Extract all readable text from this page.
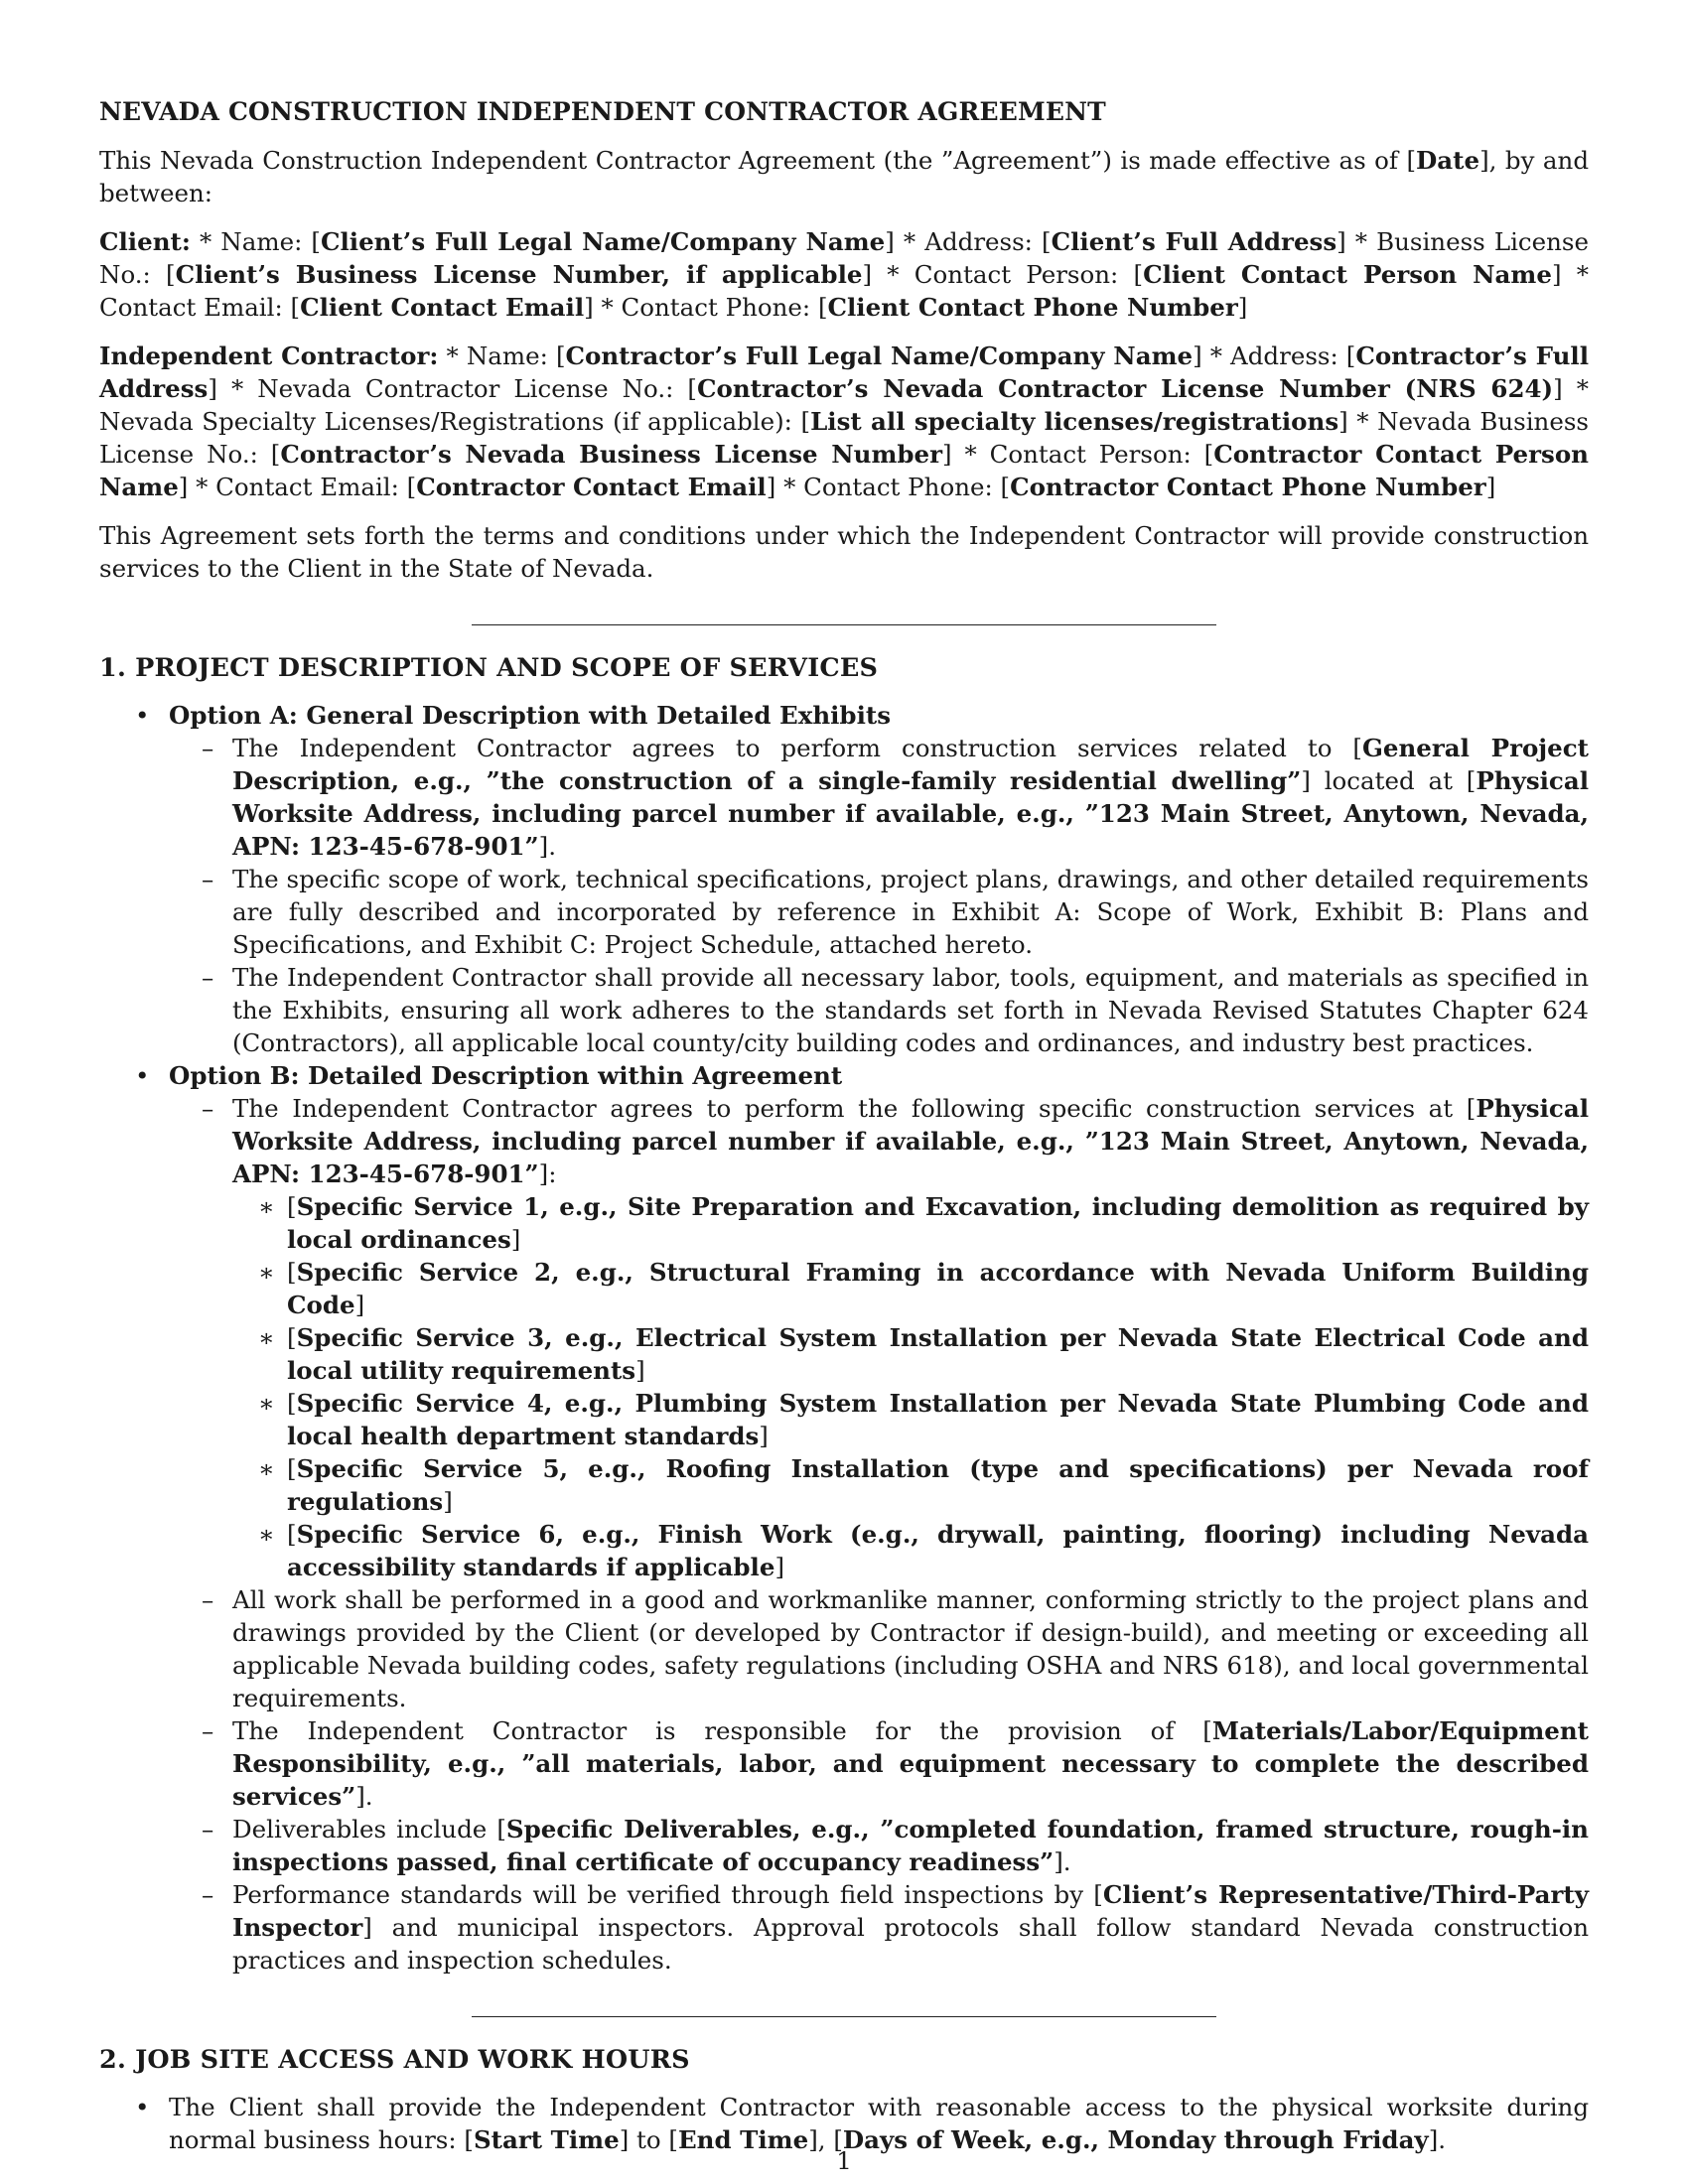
NEVADA CONSTRUCTION INDEPENDENT CONTRACTOR AGREEMENT

This Nevada Construction Independent Contractor Agreement (the ”Agreement”) is made effective as of [Date], by and between:

Client: * Name: [Client’s Full Legal Name/Company Name] * Address: [Client’s Full Address] * Business License No.: [Client’s Business License Number, if applicable] * Contact Person: [Client Contact Person Name] * Contact Email: [Client Contact Email] * Contact Phone: [Client Contact Phone Number]

Independent Contractor: * Name: [Contractor’s Full Legal Name/Company Name] * Address: [Contractor’s Full Address] * Nevada Contractor License No.: [Contractor’s Nevada Contractor License Number (NRS 624)] * Nevada Specialty Licenses/Registrations (if applicable): [List all specialty licenses/registrations] * Nevada Business License No.: [Contractor’s Nevada Business License Number] * Contact Person: [Contractor Contact Person Name] * Contact Email: [Contractor Contact Email] * Contact Phone: [Contractor Contact Phone Number]

This Agreement sets forth the terms and conditions under which the Independent Contractor will provide construction services to the Client in the State of Nevada.

1. PROJECT DESCRIPTION AND SCOPE OF SERVICES

• Option A: General Description with Detailed Exhibits
– The Independent Contractor agrees to perform construction services related to [General Project Description, e.g., ”the construction of a single-family residential dwelling”] located at [Physical Worksite Address, including parcel number if available, e.g., ”123 Main Street, Anytown, Nevada, APN: 123-45-678-901”].

– The specific scope of work, technical specifications, project plans, drawings, and other detailed requirements are fully described and incorporated by reference in Exhibit A: Scope of Work, Exhibit B: Plans and Specifications, and Exhibit C: Project Schedule, attached hereto.

– The Independent Contractor shall provide all necessary labor, tools, equipment, and materials as specified in the Exhibits, ensuring all work adheres to the standards set forth in Nevada Revised Statutes Chapter 624 (Contractors), all applicable local county/city building codes and ordinances, and industry best practices.

• Option B: Detailed Description within Agreement
– The Independent Contractor agrees to perform the following specific construction services at [Physical Worksite Address, including parcel number if available, e.g., ”123 Main Street, Anytown, Nevada, APN: 123-45-678-901”]:

∗ [Specific Service 1, e.g., Site Preparation and Excavation, including demolition as required by local ordinances]

∗ [Specific Service 2, e.g., Structural Framing in accordance with Nevada Uniform Building Code]

∗ [Specific Service 3, e.g., Electrical System Installation per Nevada State Electrical Code and local utility requirements]

∗ [Specific Service 4, e.g., Plumbing System Installation per Nevada State Plumbing Code and local health department standards]

∗ [Specific Service 5, e.g., Roofing Installation (type and specifications) per Nevada roof regulations]

∗ [Specific Service 6, e.g., Finish Work (e.g., drywall, painting, flooring) including Nevada accessibility standards if applicable]

– All work shall be performed in a good and workmanlike manner, conforming strictly to the project plans and drawings provided by the Client (or developed by Contractor if design-build), and meeting or exceeding all applicable Nevada building codes, safety regulations (including OSHA and NRS 618), and local governmental requirements.

– The Independent Contractor is responsible for the provision of [Materials/Labor/Equipment Responsibility, e.g., ”all materials, labor, and equipment necessary to complete the described services”].

– Deliverables include [Specific Deliverables, e.g., ”completed foundation, framed structure, rough-in inspections passed, final certificate of occupancy readiness”].

– Performance standards will be verified through field inspections by [Client’s Representative/Third-Party Inspector] and municipal inspectors. Approval protocols shall follow standard Nevada construction practices and inspection schedules.

2. JOB SITE ACCESS AND WORK HOURS

• The Client shall provide the Independent Contractor with reasonable access to the physical worksite during normal business hours: [Start Time] to [End Time], [Days of Week, e.g., Monday through Friday].

1
